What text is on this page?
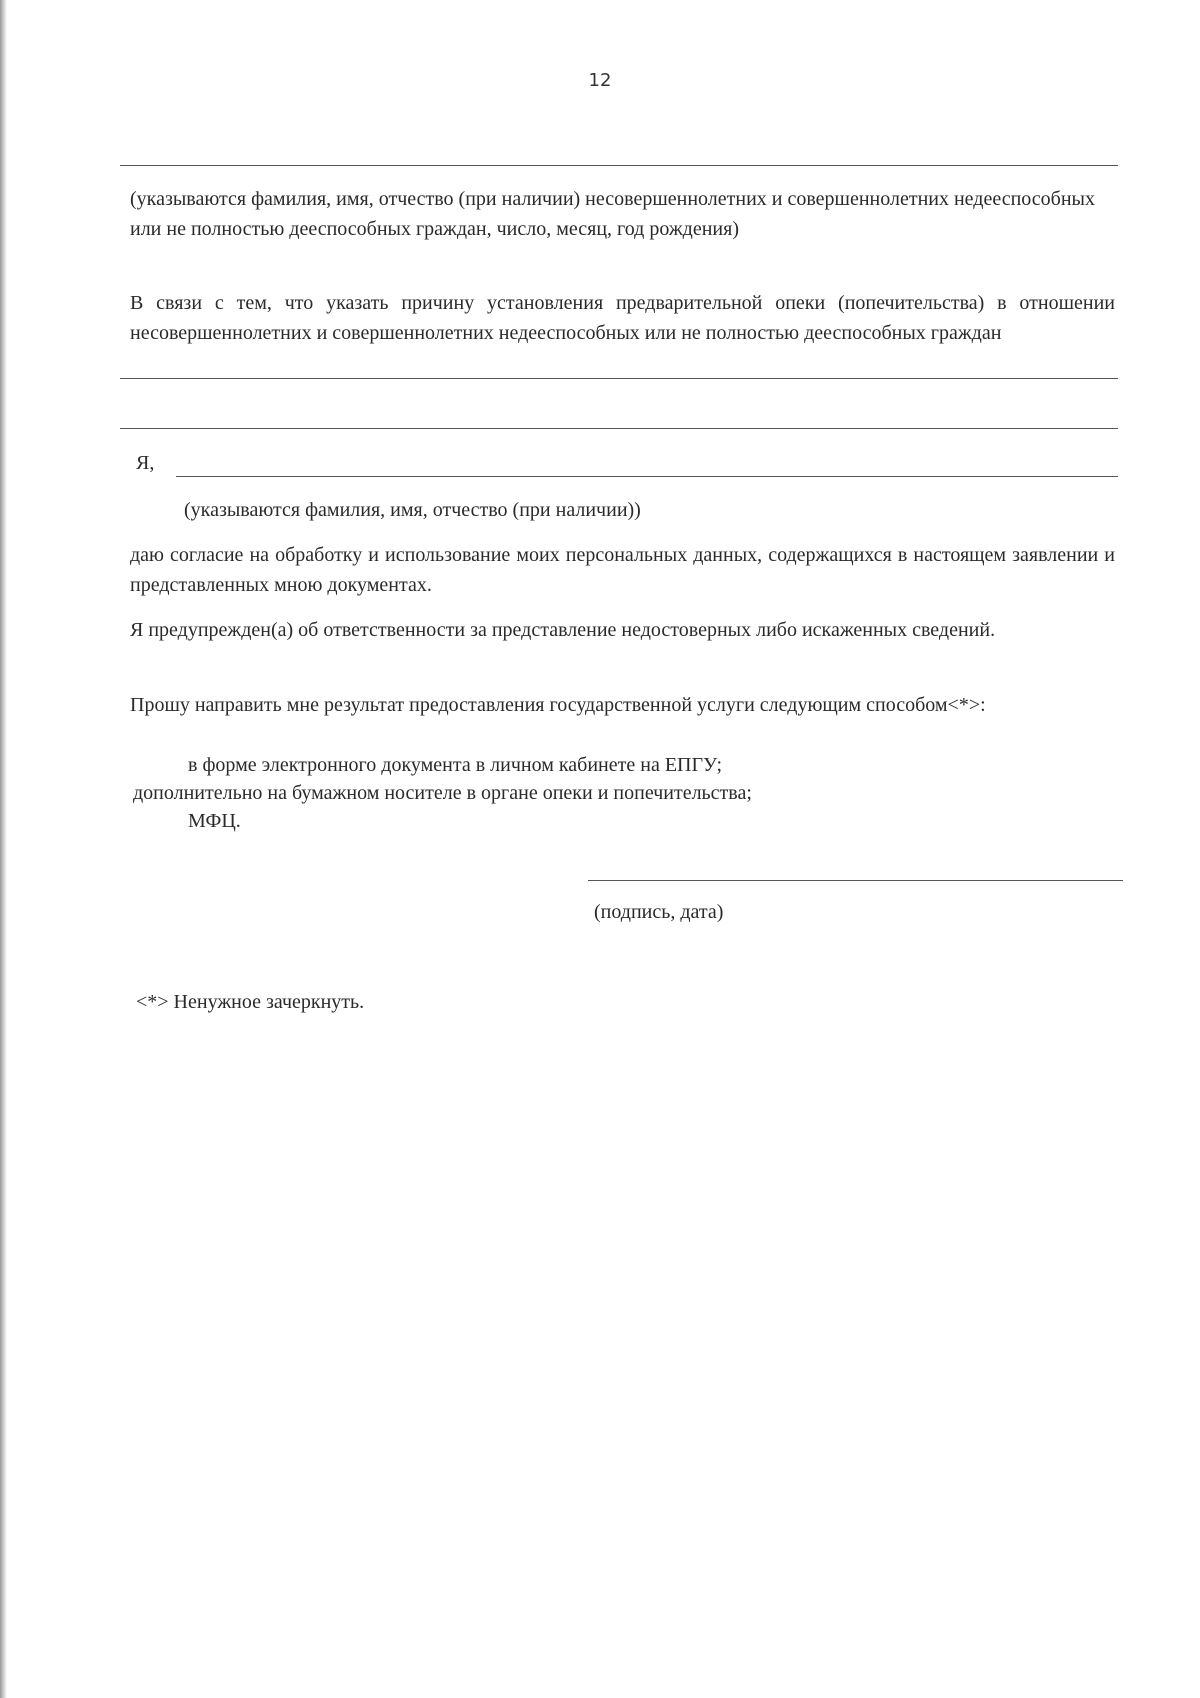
12
(указываются фамилия, имя, отчество (при наличии) несовершеннолетних и совершеннолетних недееспособных или не полностью дееспособных граждан, число, месяц, год рождения)
В связи с тем, что указать причину установления предварительной опеки (попечительства) в отношении несовершеннолетних и совершеннолетних недееспособных или не полностью дееспособных граждан
Я,
(указываются фамилия, имя, отчество (при наличии))
даю согласие на обработку и использование моих персональных данных, содержащихся в настоящем заявлении и представленных мною документах.
Я предупрежден(а) об ответственности за представление недостоверных либо искаженных сведений.
Прошу направить мне результат предоставления государственной услуги следующим способом<*>:
в форме электронного документа в личном кабинете на ЕПГУ;
дополнительно на бумажном носителе в органе опеки и попечительства;
МФЦ.
(подпись, дата)
<*> Ненужное зачеркнуть.
